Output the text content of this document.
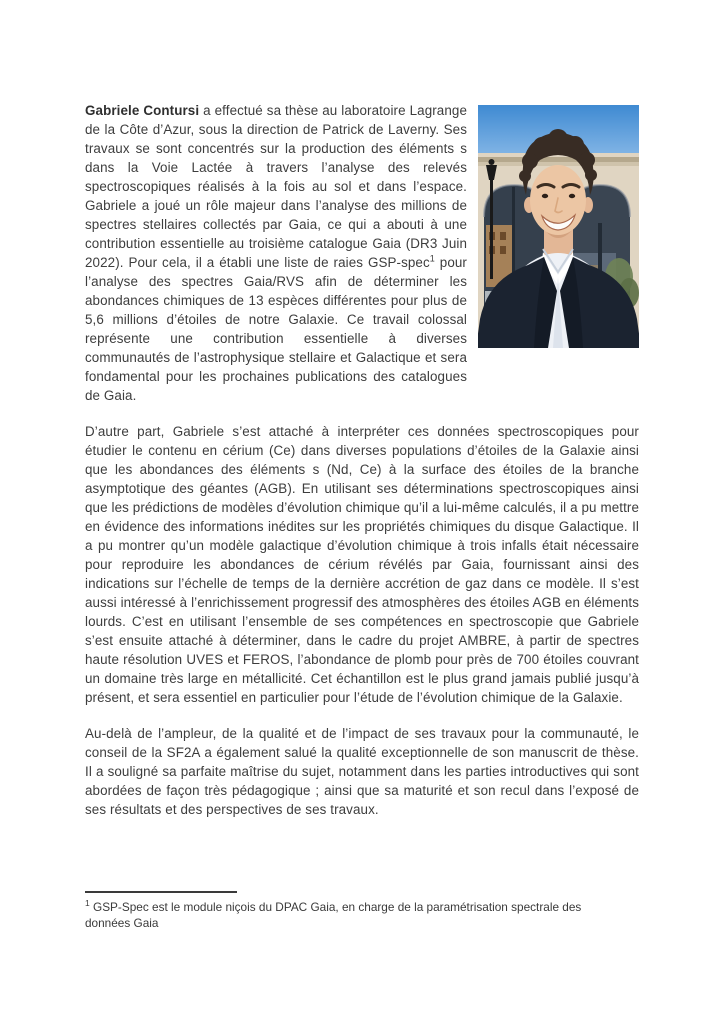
Gabriele Contursi a effectué sa thèse au laboratoire Lagrange de la Côte d’Azur, sous la direction de Patrick de Laverny. Ses travaux se sont concentrés sur la production des éléments s dans la Voie Lactée à travers l’analyse des relevés spectroscopiques réalisés à la fois au sol et dans l’espace. Gabriele a joué un rôle majeur dans l’analyse des millions de spectres stellaires collectés par Gaia, ce qui a abouti à une contribution essentielle au troisième catalogue Gaia (DR3 Juin 2022). Pour cela, il a établi une liste de raies GSP-spec$^1$ pour l’analyse des spectres Gaia/RVS afin de déterminer les abondances chimiques de 13 espèces différentes pour plus de 5,6 millions d’étoiles de notre Galaxie. Ce travail colossal représente une contribution essentielle à diverses communautés de l’astrophysique stellaire et Galactique et sera fondamental pour les prochaines publications des catalogues de Gaia.

D’autre part, Gabriele s’est attaché à interpréter ces données spectroscopiques pour étudier le contenu en cérium (Ce) dans diverses populations d’étoiles de la Galaxie ainsi que les abondances des éléments s (Nd, Ce) à la surface des étoiles de la branche asymptotique des géantes (AGB). En utilisant ses déterminations spectroscopiques ainsi que les prédictions de modèles d’évolution chimique qu’il a lui-même calculés, il a pu mettre en évidence des informations inédites sur les propriétés chimiques du disque Galactique. Il a pu montrer qu’un modèle galactique d’évolution chimique à trois infalls était nécessaire pour reproduire les abondances de cérium révélés par Gaia, fournissant ainsi des indications sur l’échelle de temps de la dernière accrétion de gaz dans ce modèle. Il s’est aussi intéressé à l’enrichissement progressif des atmosphères des étoiles AGB en éléments lourds. C’est en utilisant l’ensemble de ses compétences en spectroscopie que Gabriele s’est ensuite attaché à déterminer, dans le cadre du projet AMBRE, à partir de spectres haute résolution UVES et FEROS, l’abondance de plomb pour près de 700 étoiles couvrant un domaine très large en métallicité. Cet échantillon est le plus grand jamais publié jusqu’à présent, et sera essentiel en particulier pour l’étude de l’évolution chimique de la Galaxie.

Au-delà de l’ampleur, de la qualité et de l’impact de ses travaux pour la communauté, le conseil de la SF2A a également salué la qualité exceptionnelle de son manuscrit de thèse. Il a souligné sa parfaite maîtrise du sujet, notamment dans les parties introductives qui sont abordées de façon très pédagogique ; ainsi que sa maturité et son recul dans l’exposé de ses résultats et des perspectives de ses travaux.

$^1$ GSP-Spec est le module niçois du DPAC Gaia, en charge de la paramétrisation spectrale des données Gaia
